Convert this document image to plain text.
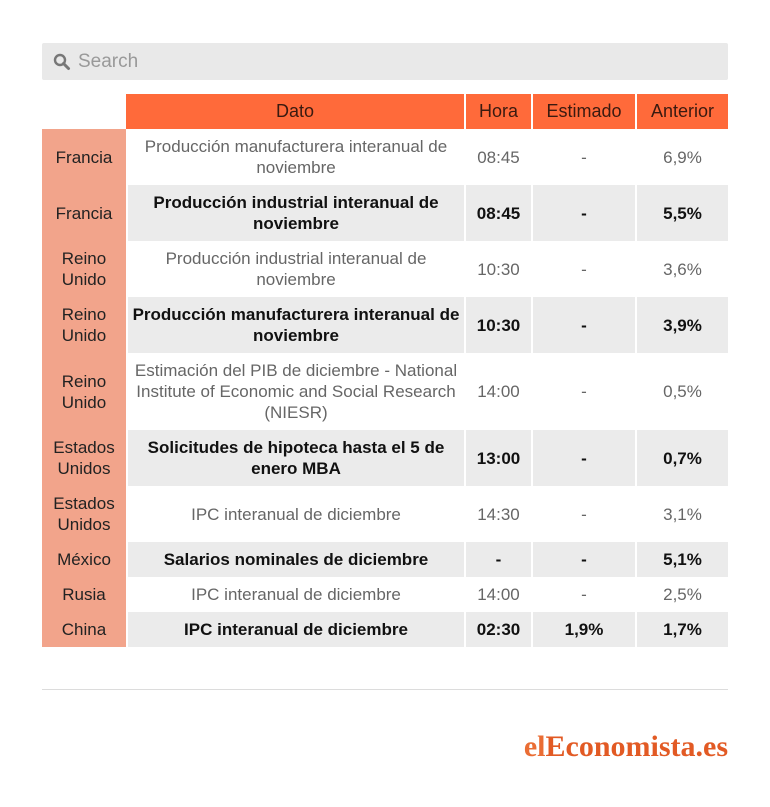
Search
	Dato	Hora	Estimado	Anterior
Francia	Producción manufacturera interanual de noviembre	08:45	-	6,9%
Francia	Producción industrial interanual de noviembre	08:45	-	5,5%
Reino Unido	Producción industrial interanual de noviembre	10:30	-	3,6%
Reino Unido	Producción manufacturera interanual de noviembre	10:30	-	3,9%
Reino Unido	Estimación del PIB de diciembre - National Institute of Economic and Social Research (NIESR)	14:00	-	0,5%
Estados Unidos	Solicitudes de hipoteca hasta el 5 de enero MBA	13:00	-	0,7%
Estados Unidos	IPC interanual de diciembre	14:30	-	3,1%
México	Salarios nominales de diciembre	-	-	5,1%
Rusia	IPC interanual de diciembre	14:00	-	2,5%
China	IPC interanual de diciembre	02:30	1,9%	1,7%
elEconomista.es
